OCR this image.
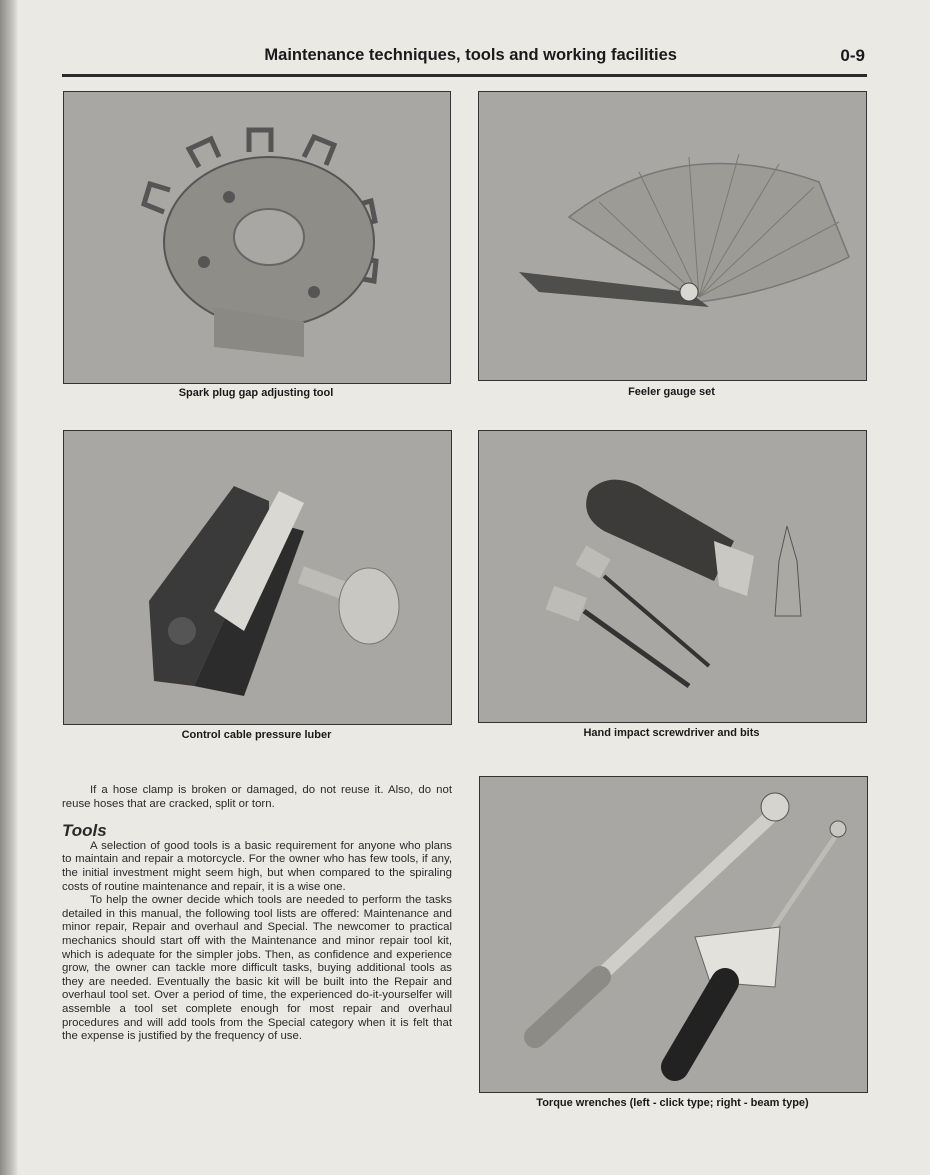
Maintenance techniques, tools and working facilities	0-9
Spark plug gap adjusting tool	Feeler gauge set
Control cable pressure luber	Hand impact screwdriver and bits

If a hose clamp is broken or damaged, do not reuse it. Also, do not reuse hoses that are cracked, split or torn.

Tools

A selection of good tools is a basic requirement for anyone who plans to maintain and repair a motorcycle. For the owner who has few tools, if any, the initial investment might seem high, but when compared to the spiraling costs of routine maintenance and repair, it is a wise one.

To help the owner decide which tools are needed to perform the tasks detailed in this manual, the following tool lists are offered: Maintenance and minor repair, Repair and overhaul and Special. The newcomer to practical mechanics should start off with the Maintenance and minor repair tool kit, which is adequate for the simpler jobs. Then, as confidence and experience grow, the owner can tackle more difficult tasks, buying additional tools as they are needed. Eventually the basic kit will be built into the Repair and overhaul tool set. Over a period of time, the experienced do-it-yourselfer will assemble a tool set complete enough for most repair and overhaul procedures and will add tools from the Special category when it is felt that the expense is justified by the frequency of use.

Torque wrenches (left - click type; right - beam type)
